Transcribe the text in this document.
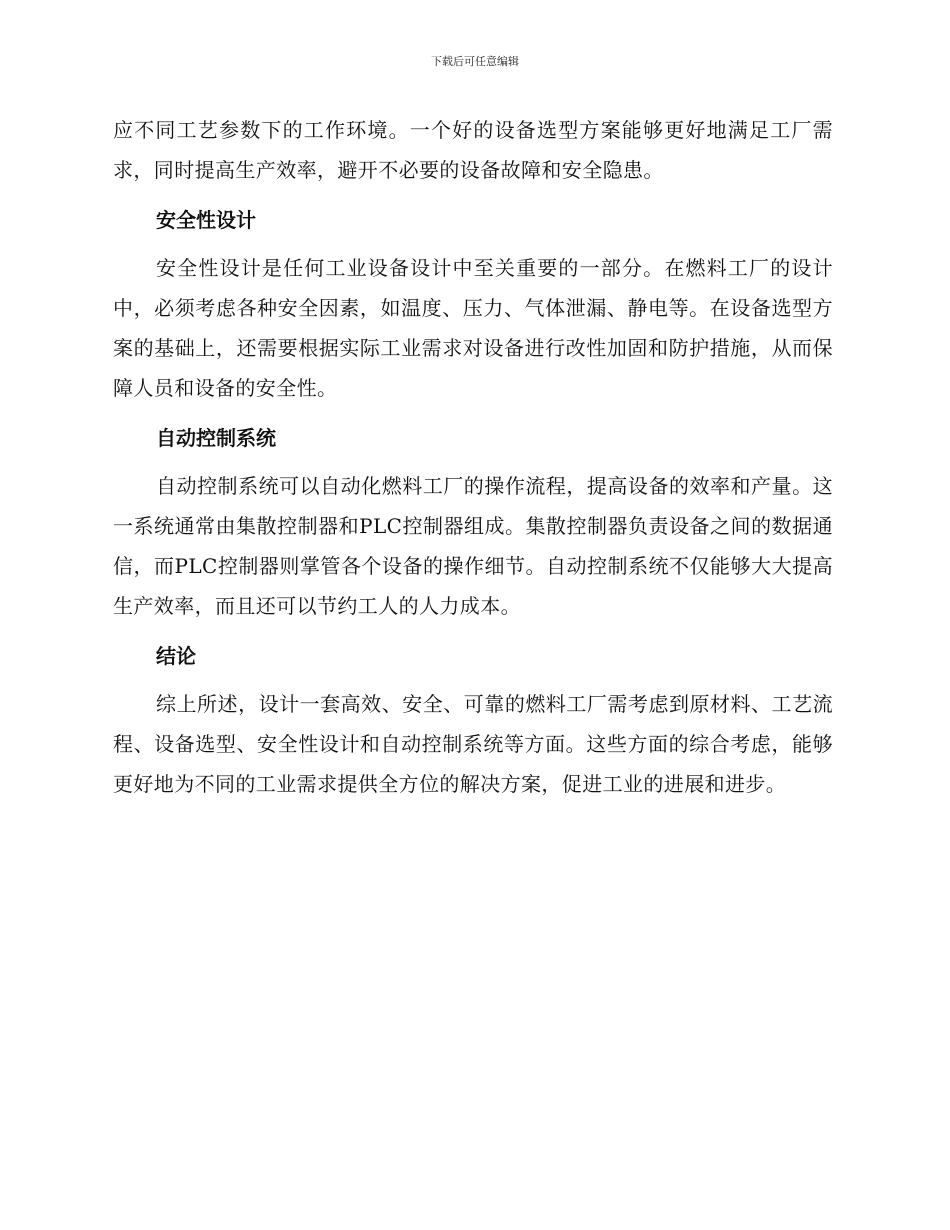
下载后可任意编辑

应不同工艺参数下的工作环境。一个好的设备选型方案能够更好地满足工厂需求，同时提高生产效率，避开不必要的设备故障和安全隐患。

安全性设计

安全性设计是任何工业设备设计中至关重要的一部分。在燃料工厂的设计中，必须考虑各种安全因素，如温度、压力、气体泄漏、静电等。在设备选型方案的基础上，还需要根据实际工业需求对设备进行改性加固和防护措施，从而保障人员和设备的安全性。

自动控制系统

自动控制系统可以自动化燃料工厂的操作流程，提高设备的效率和产量。这一系统通常由集散控制器和PLC控制器组成。集散控制器负责设备之间的数据通信，而PLC控制器则掌管各个设备的操作细节。自动控制系统不仅能够大大提高生产效率，而且还可以节约工人的人力成本。

结论

综上所述，设计一套高效、安全、可靠的燃料工厂需考虑到原材料、工艺流程、设备选型、安全性设计和自动控制系统等方面。这些方面的综合考虑，能够更好地为不同的工业需求提供全方位的解决方案，促进工业的进展和进步。
